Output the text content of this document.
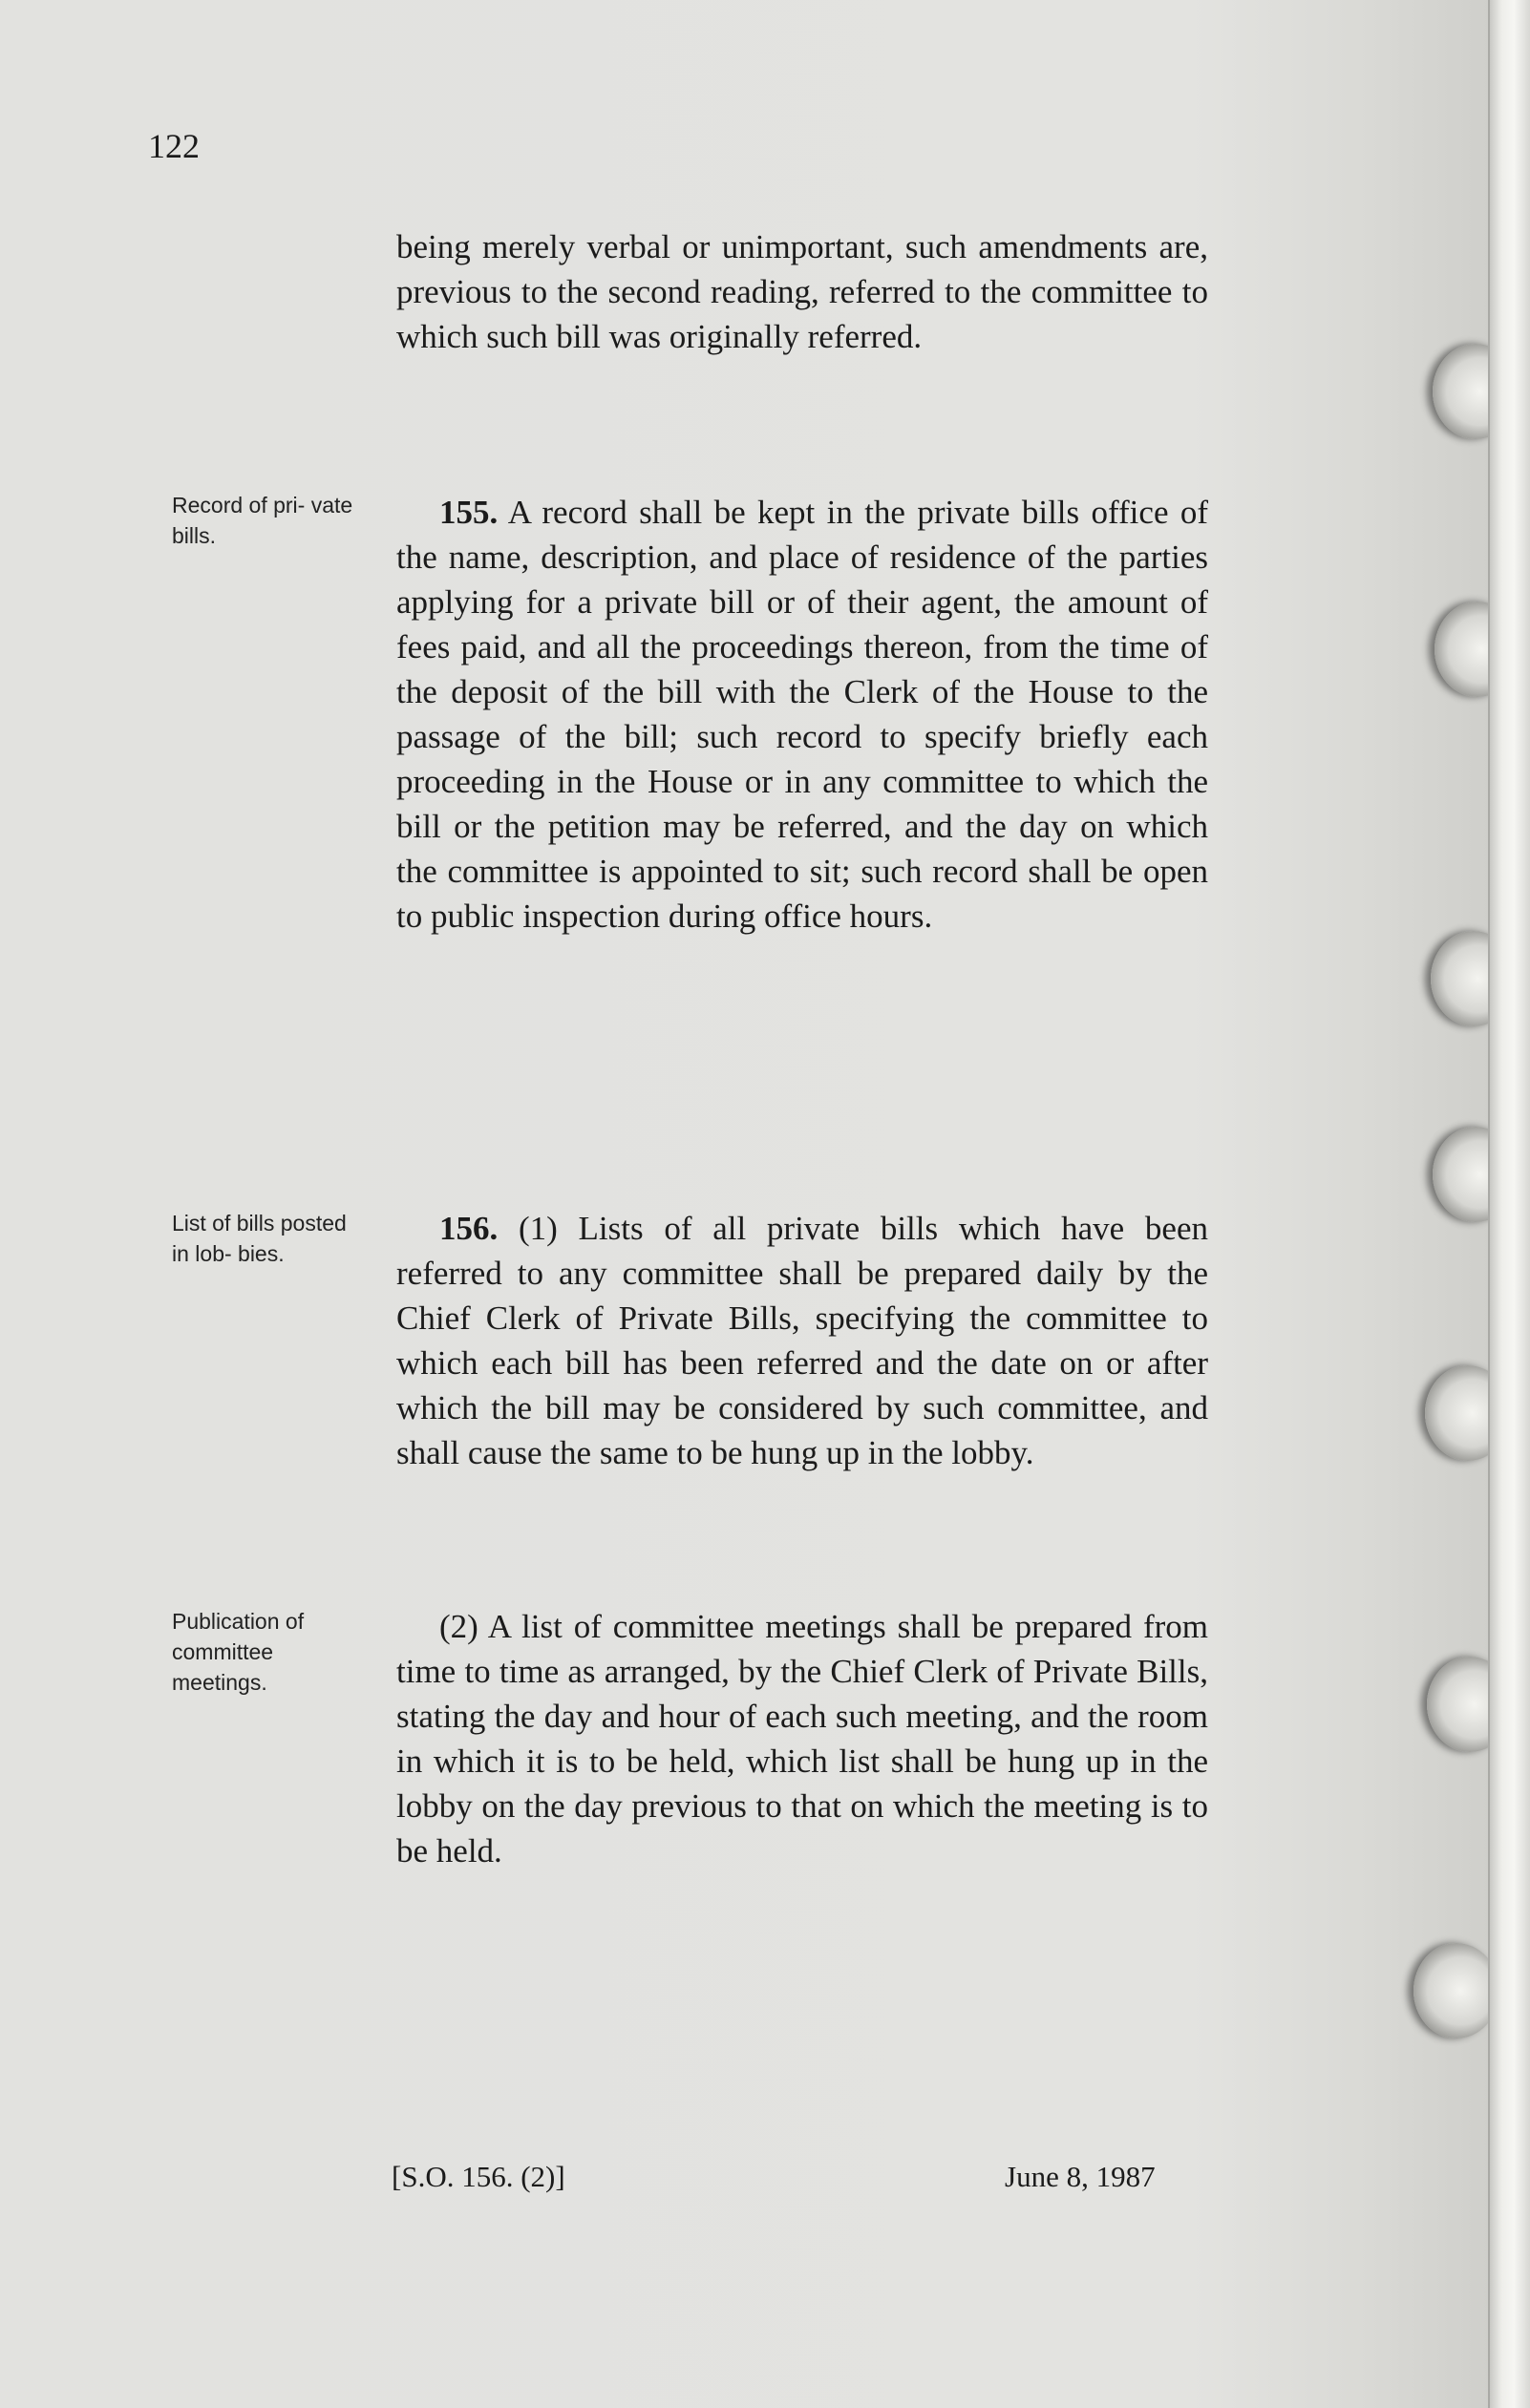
122

being merely verbal or unimportant, such amendments are, previous to the second reading, referred to the committee to which such bill was originally referred.

Record of pri- vate bills.

155. A record shall be kept in the private bills office of the name, description, and place of residence of the parties applying for a private bill or of their agent, the amount of fees paid, and all the proceedings thereon, from the time of the deposit of the bill with the Clerk of the House to the passage of the bill; such record to specify briefly each proceeding in the House or in any committee to which the bill or the petition may be referred, and the day on which the committee is appointed to sit; such record shall be open to public inspection during office hours.

List of bills posted in lob- bies.

156. (1) Lists of all private bills which have been referred to any committee shall be prepared daily by the Chief Clerk of Private Bills, specifying the committee to which each bill has been referred and the date on or after which the bill may be considered by such committee, and shall cause the same to be hung up in the lobby.

Publication of committee meetings.

(2) A list of committee meetings shall be prepared from time to time as arranged, by the Chief Clerk of Private Bills, stating the day and hour of each such meeting, and the room in which it is to be held, which list shall be hung up in the lobby on the day previous to that on which the meeting is to be held.

[S.O. 156. (2)]	June 8, 1987
